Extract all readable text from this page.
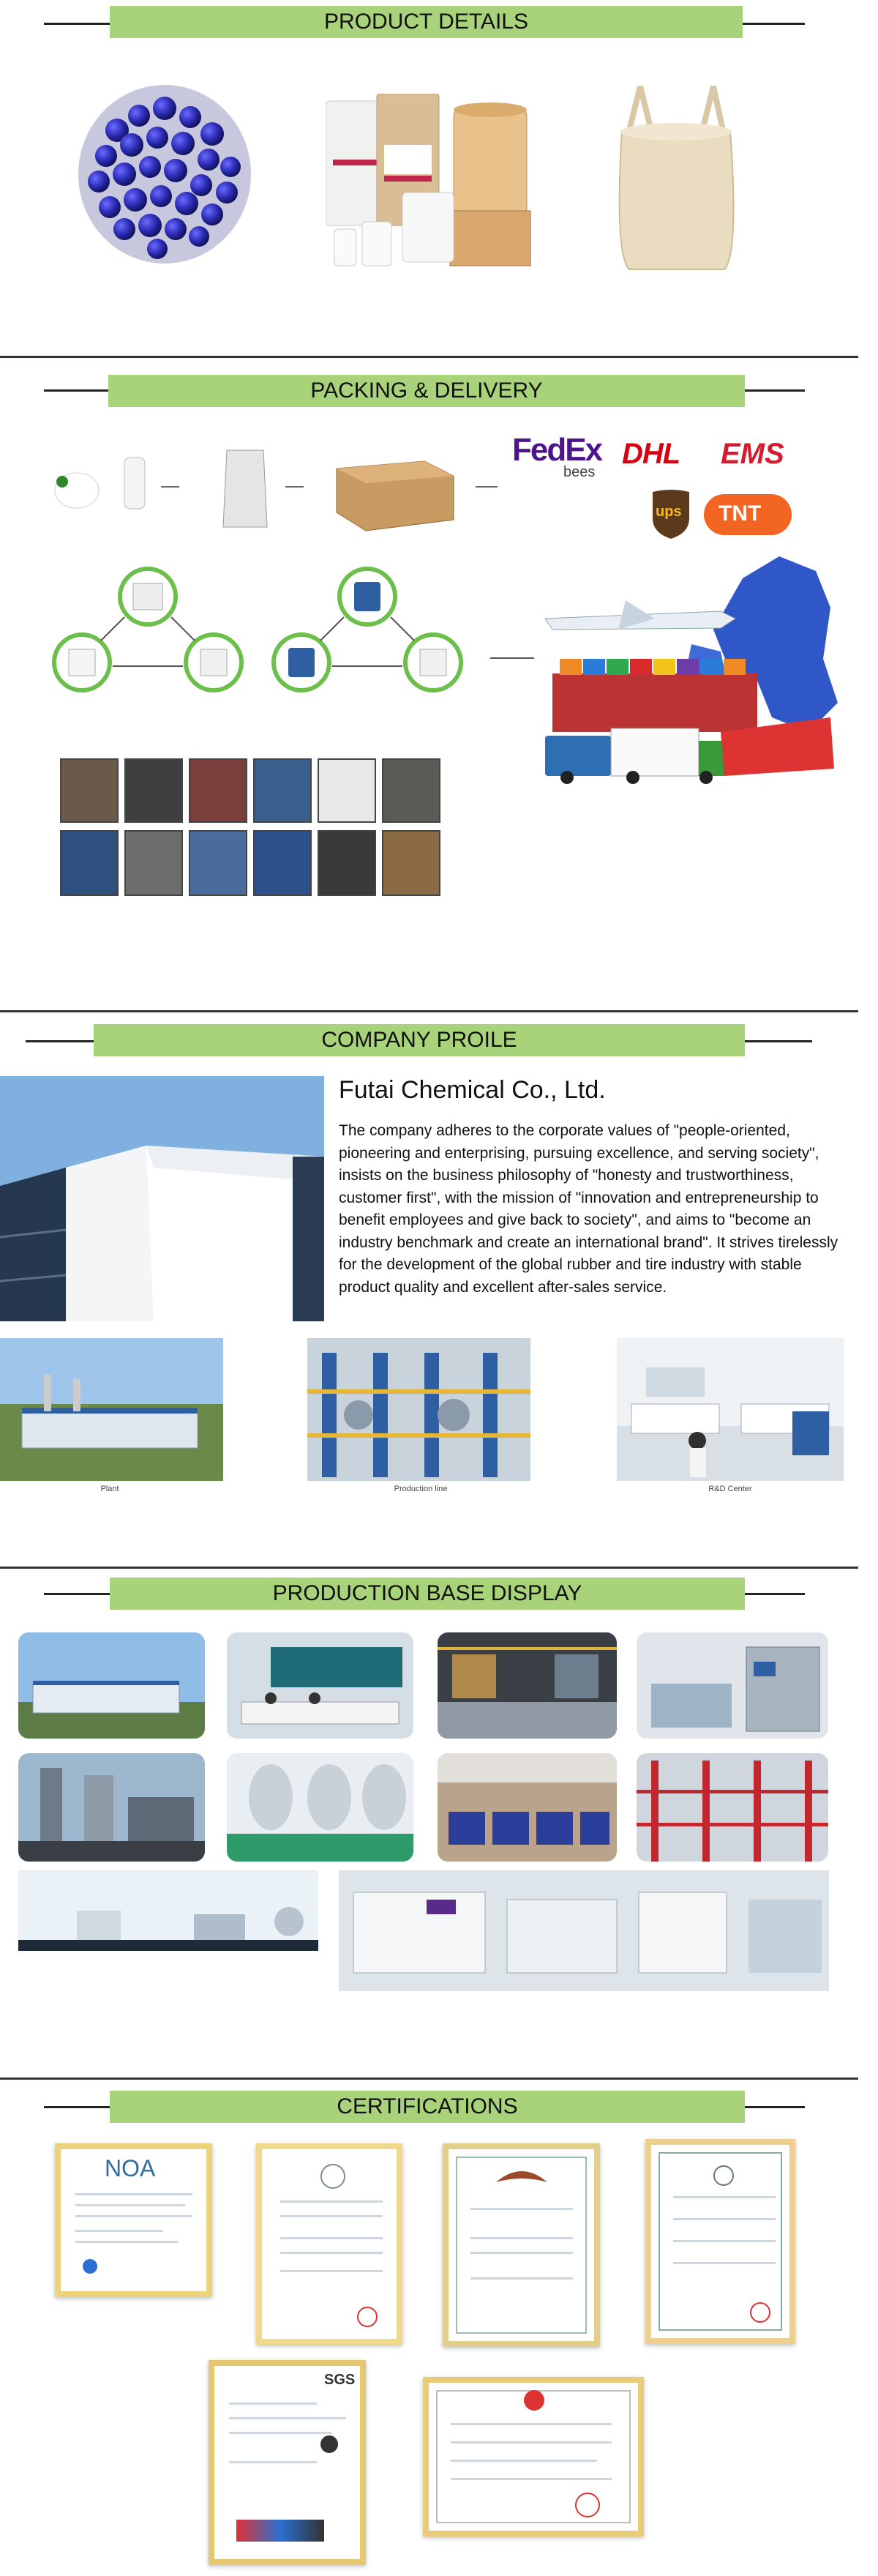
PRODUCT DETAILS
PACKING & DELIVERY
FedEx
bees
DHL	EMS
ups TNT
COMPANY PROILE
Futai Chemical Co., Ltd.
The company adheres to the corporate values of "people-oriented, pioneering and enterprising, pursuing excellence, and serving society", insists on the business philosophy of "honesty and trustworthiness, customer first", with the mission of "innovation and entrepreneurship to benefit employees and give back to society", and aims to "become an industry benchmark and create an international brand". It strives tirelessly for the development of the global rubber and tire industry with stable product quality and excellent after-sales service.
Plant	Production line	R&D Center
PRODUCTION BASE DISPLAY
CERTIFICATIONS
NOA
SGS
